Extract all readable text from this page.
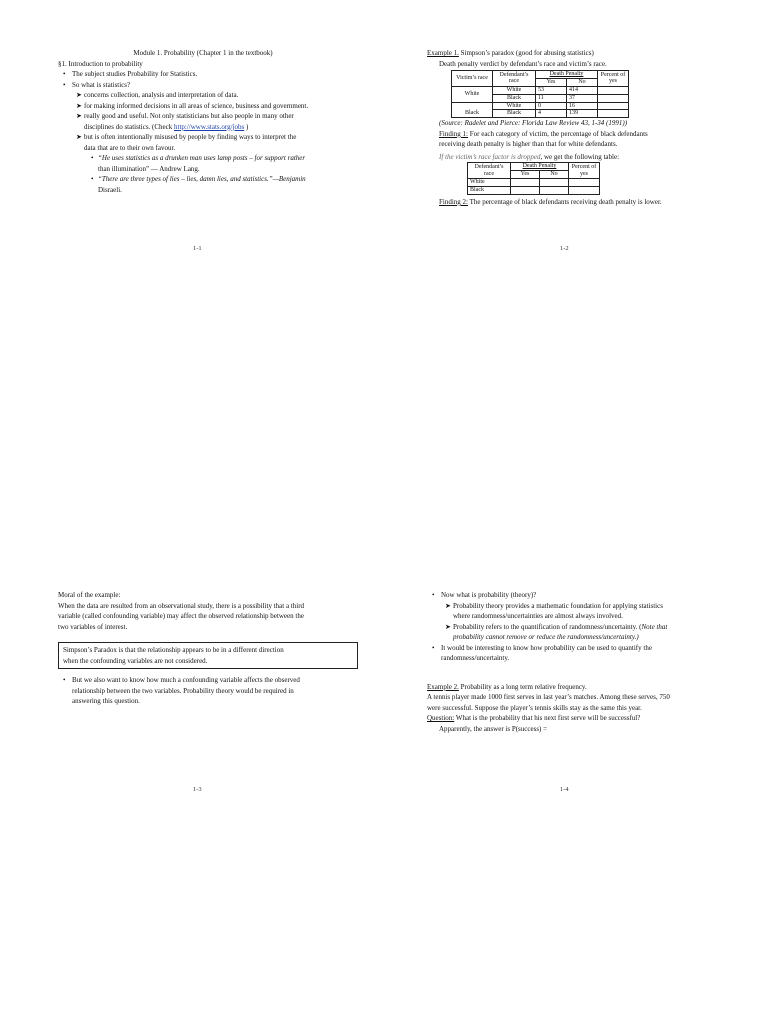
Module 1. Probability (Chapter 1 in the textbook)
§1. Introduction to probability
• The subject studies Probability for Statistics.
• So what is statistics?
➤ concerns collection, analysis and interpretation of data.
➤ for making informed decisions in all areas of science, business and government.
➤ really good and useful. Not only statisticians but also people in many other
disciplines do statistics. (Check http://www.stats.org/jobs )
➤ but is often intentionally misused by people by finding ways to interpret the
data that are to their own favour.
• “He uses statistics as a drunken man uses lamp posts – for support rather
than illumination” — Andrew Lang.
• “There are three types of lies – lies, damn lies, and statistics.”—Benjamin
Disraeli.
1-1
Example 1. Simpson’s paradox (good for abusing statistics)
Death penalty verdict by defendant’s race and victim’s race.
Victim’s race	Defendant’s race	Death Penalty		Percent of yes
		Yes	No	
White	White	53	414	
	Black	11	37	
Black	White	0	16	
	Black	4	139	
(Source: Radelet and Pierce: Florida Law Review 43, 1-34 (1991))
Finding 1: For each category of victim, the percentage of black defendants
receiving death penalty is higher than that for white defendants.
If the victim’s race factor is dropped, we get the following table:
Defendant’s race	Death Penalty		Percent of yes
	Yes	No	
White			
Black			
Finding 2: The percentage of black defendants receiving death penalty is lower.
1-2
Moral of the example:
When the data are resulted from an observational study, there is a possibility that a third
variable (called confounding variable) may affect the observed relationship between the
two variables of interest.
Simpson’s Paradox is that the relationship appears to be in a different direction
when the confounding variables are not considered.
• But we also want to know how much a confounding variable affects the observed
relationship between the two variables. Probability theory would be required in
answering this question.
1-3
• Now what is probability (theory)?
➤ Probability theory provides a mathematic foundation for applying statistics
where randomness/uncertainties are almost always involved.
➤ Probability refers to the quantification of randomness/uncertainty. (Note that
probability cannot remove or reduce the randomness/uncertainty.)
• It would be interesting to know how probability can be used to quantify the
randomness/uncertainty.
Example 2. Probability as a long term relative frequency.
A tennis player made 1000 first serves in last year’s matches. Among these serves, 750
were successful. Suppose the player’s tennis skills stay as the same this year.
Question: What is the probability that his next first serve will be successful?
Apparently, the answer is P(success) =
1-4
